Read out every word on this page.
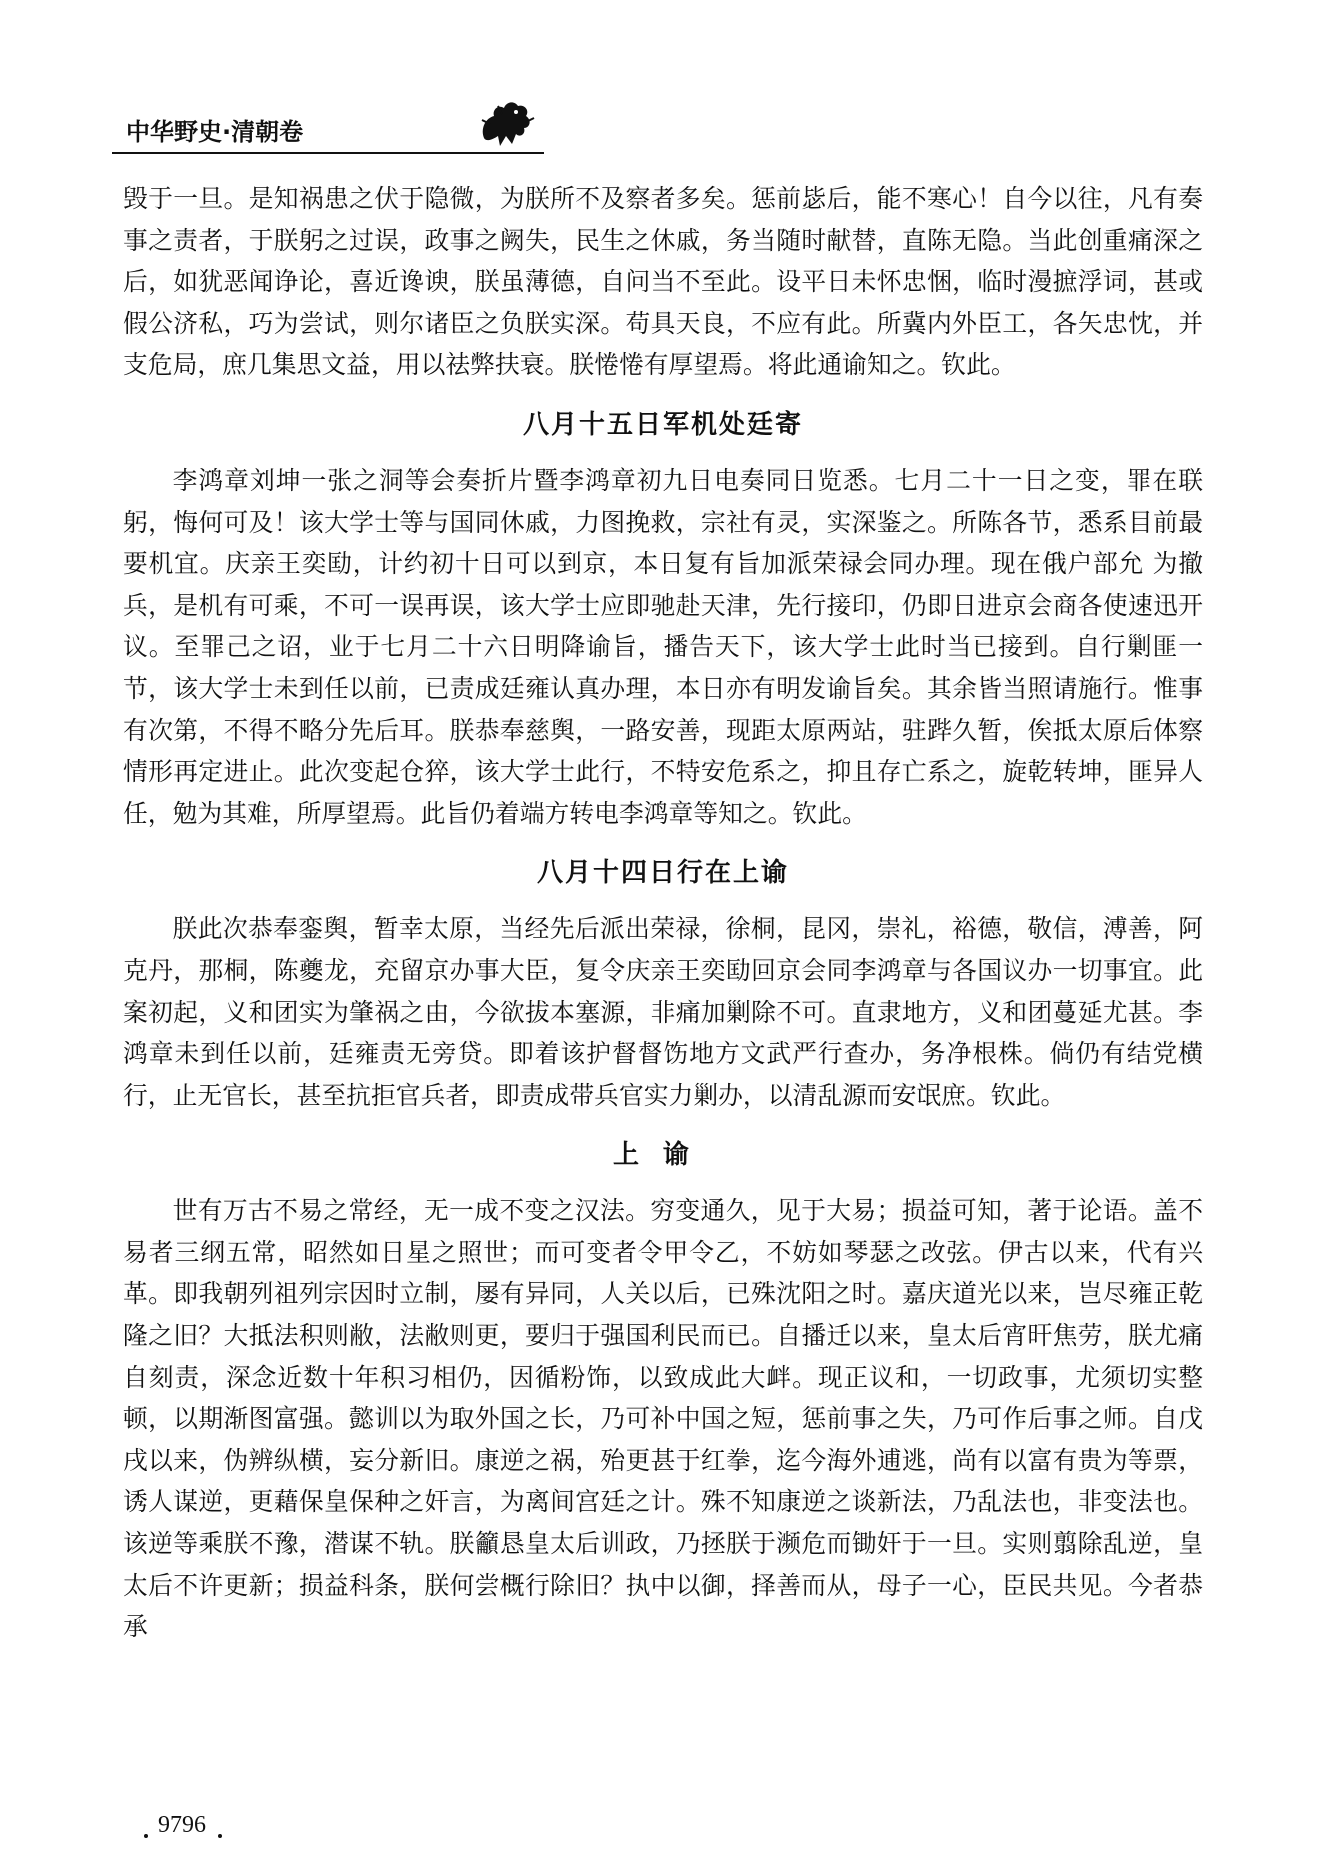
中华野史·清朝卷

毁于一旦。是知祸患之伏于隐微，为朕所不及察者多矣。惩前毖后，能不寒心！自今以往，凡有奏事之责者，于朕躬之过误，政事之阙失，民生之休戚，务当随时献替，直陈无隐。当此创重痛深之后，如犹恶闻诤论，喜近谗谀，朕虽薄德，自问当不至此。设平日未怀忠悃，临时漫摭浮词，甚或假公济私，巧为尝试，则尔诸臣之负朕实深。苟具天良，不应有此。所冀内外臣工，各矢忠忱，并支危局，庶几集思文益，用以祛弊扶衰。朕惓惓有厚望焉。将此通谕知之。钦此。

八月十五日军机处廷寄

李鸿章刘坤一张之洞等会奏折片暨李鸿章初九日电奏同日览悉。七月二十一日之变，罪在联躬，悔何可及！该大学士等与国同休戚，力图挽救，宗社有灵，实深鉴之。所陈各节，悉系目前最要机宜。庆亲王奕劻，计约初十日可以到京，本日复有旨加派荣禄会同办理。现在俄户部允 为撤兵，是机有可乘，不可一误再误，该大学士应即驰赴天津，先行接印，仍即日进京会商各使速迅开议。至罪己之诏，业于七月二十六日明降谕旨，播告天下，该大学士此时当已接到。自行剿匪一节，该大学士未到任以前，已责成廷雍认真办理，本日亦有明发谕旨矣。其余皆当照请施行。惟事有次第，不得不略分先后耳。朕恭奉慈舆，一路安善，现距太原两站，驻跸久暂，俟抵太原后体察情形再定进止。此次变起仓猝，该大学士此行，不特安危系之，抑且存亡系之，旋乾转坤，匪异人任，勉为其难，所厚望焉。此旨仍着端方转电李鸿章等知之。钦此。

八月十四日行在上谕

朕此次恭奉銮舆，暂幸太原，当经先后派出荣禄，徐桐，昆冈，崇礼，裕德，敬信，溥善，阿克丹，那桐，陈夔龙，充留京办事大臣，复令庆亲王奕劻回京会同李鸿章与各国议办一切事宜。此案初起，义和团实为肇祸之由，今欲拔本塞源，非痛加剿除不可。直隶地方，义和团蔓延尤甚。李鸿章未到任以前，廷雍责无旁贷。即着该护督督饬地方文武严行查办，务净根株。倘仍有结党横行，止无官长，甚至抗拒官兵者，即责成带兵官实力剿办，以清乱源而安氓庶。钦此。

上谕

世有万古不易之常经，无一成不变之汉法。穷变通久，见于大易；损益可知，著于论语。盖不易者三纲五常，昭然如日星之照世；而可变者令甲令乙，不妨如琴瑟之改弦。伊古以来，代有兴革。即我朝列祖列宗因时立制，屡有异同，人关以后，已殊沈阳之时。嘉庆道光以来，岂尽雍正乾隆之旧？大抵法积则敝，法敝则更，要归于强国利民而已。自播迁以来，皇太后宵旰焦劳，朕尤痛自刻责，深念近数十年积习相仍，因循粉饰，以致成此大衅。现正议和，一切政事，尤须切实整顿，以期渐图富强。懿训以为取外国之长，乃可补中国之短，惩前事之失，乃可作后事之师。自戊戌以来，伪辨纵横，妄分新旧。康逆之祸，殆更甚于红拳，迄今海外逋逃，尚有以富有贵为等票，诱人谋逆，更藉保皇保种之奸言，为离间宫廷之计。殊不知康逆之谈新法，乃乱法也，非变法也。该逆等乘朕不豫，潜谋不轨。朕籲恳皇太后训政，乃拯朕于濒危而锄奸于一旦。实则翦除乱逆，皇太后不许更新；损益科条，朕何尝概行除旧？执中以御，择善而从，母子一心，臣民共见。今者恭承

9796
